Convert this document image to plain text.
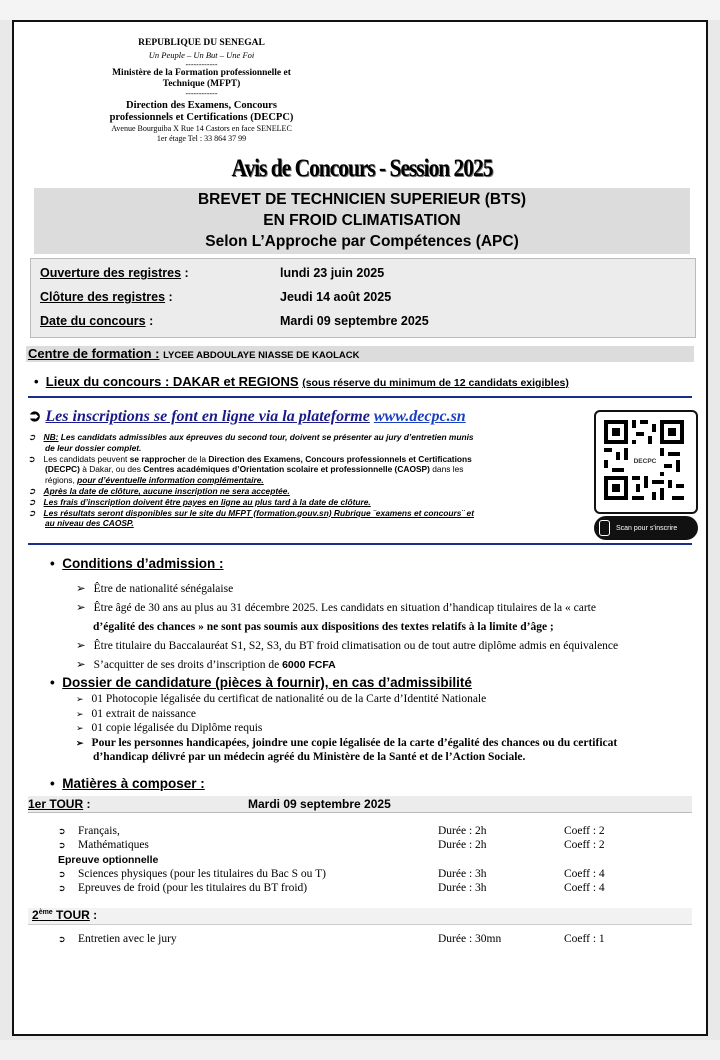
REPUBLIQUE DU SENEGAL
Un Peuple – Un But – Une Foi
------------
Ministère de la Formation professionnelle et
Technique (MFPT)
------------
Direction des Examens, Concours
professionnels et Certifications (DECPC)
Avenue Bourguiba X Rue 14 Castors en face SENELEC
1er étage Tel : 33 864 37 99
Avis de Concours - Session 2025
BREVET DE TECHNICIEN SUPERIEUR (BTS)
EN FROID CLIMATISATION
Selon L’Approche par Compétences (APC)
Ouverture des registres :	lundi 23 juin 2025
Clôture des registres :	Jeudi 14 août 2025
Date du concours :	Mardi 09 septembre 2025
Centre de formation : LYCEE ABDOULAYE NIASSE DE KAOLACK
•  Lieux du concours : DAKAR et REGIONS (sous réserve du minimum de 12 candidats exigibles)
➲ Les inscriptions se font en ligne via la plateforme www.decpc.sn
➲ NB: Les candidats admissibles aux épreuves du second tour, doivent se présenter au jury d’entretien munis
de leur dossier complet.
➲ Les candidats peuvent se rapprocher de la Direction des Examens, Concours professionnels et Certifications
(DECPC) à Dakar, ou des Centres académiques d’Orientation scolaire et professionnelle (CAOSP) dans les
régions, pour d’éventuelle information complémentaire.
➲ Après la date de clôture, aucune inscription ne sera acceptée.
➲ Les frais d’inscription doivent être payes en ligne au plus tard à la date de clôture.
➲ Les résultats seront disponibles sur le site du MFPT (formation.gouv.sn) Rubrique ¨examens et concours¨ et
au niveau des CAOSP.
DECPC
Scan pour s'inscrire
•  Conditions d’admission :
➢ Être de nationalité sénégalaise
➢ Être âgé de 30 ans au plus au 31 décembre 2025. Les candidats en situation d’handicap titulaires de la « carte
d’égalité des chances » ne sont pas soumis aux dispositions des textes relatifs à la limite d’âge ;
➢ Être titulaire du Baccalauréat S1, S2, S3, du BT froid climatisation ou de tout autre diplôme admis en équivalence
➢ S’acquitter de ses droits d’inscription de 6000 FCFA
•  Dossier de candidature (pièces à fournir), en cas d’admissibilité
➢ 01 Photocopie légalisée du certificat de nationalité ou de la Carte d’Identité Nationale
➢ 01 extrait de naissance
➢ 01 copie légalisée du Diplôme requis
➢ Pour les personnes handicapées, joindre une copie légalisée de la carte d’égalité des chances ou du certificat
d’handicap délivré par un médecin agréé du Ministère de la Santé et de l’Action Sociale.
•  Matières à composer :
1er TOUR :	Mardi 09 septembre 2025
➲ Français,	Durée : 2h	Coeff : 2
➲ Mathématiques	Durée : 2h	Coeff : 2
Epreuve optionnelle
➲ Sciences physiques (pour les titulaires du Bac S ou T)	Durée : 3h	Coeff : 4
➲ Epreuves de froid (pour les titulaires du BT froid)	Durée : 3h	Coeff : 4
2ème TOUR :
➲ Entretien avec le jury	Durée : 30mn	Coeff : 1
